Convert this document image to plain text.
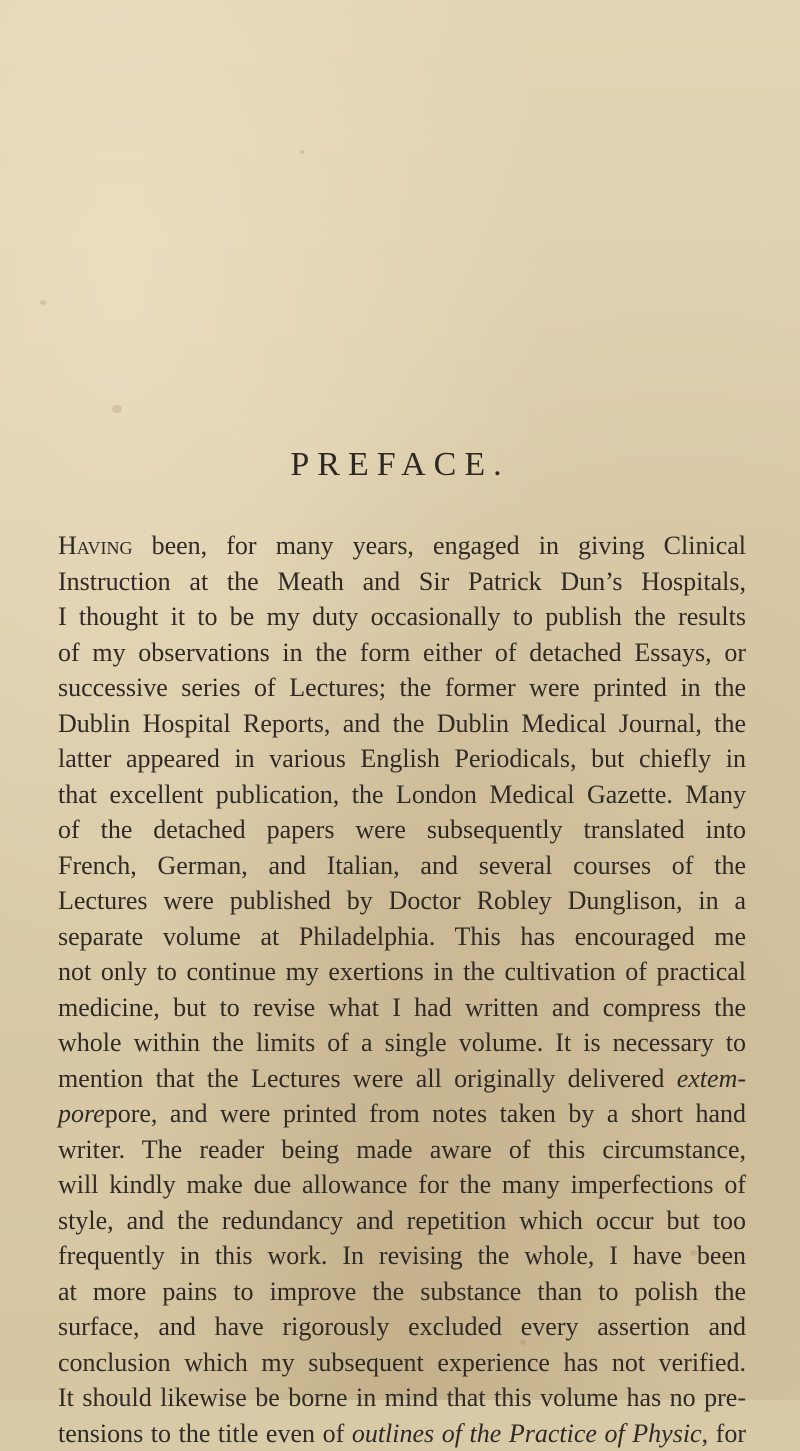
PREFACE.
Having been, for many years, engaged in giving Clinical
Instruction at the Meath and Sir Patrick Dun’s Hospitals,
I thought it to be my duty occasionally to publish the results
of my observations in the form either of detached Essays, or
successive series of Lectures; the former were printed in the
Dublin Hospital Reports, and the Dublin Medical Journal, the
latter appeared in various English Periodicals, but chiefly in
that excellent publication, the London Medical Gazette. Many
of the detached papers were subsequently translated into
French, German, and Italian, and several courses of the
Lectures were published by Doctor Robley Dunglison, in a
separate volume at Philadelphia. This has encouraged me
not only to continue my exertions in the cultivation of practical
medicine, but to revise what I had written and compress the
whole within the limits of a single volume. It is necessary to
mention that the Lectures were all originally delivered extem-
porepore, and were printed from notes taken by a short hand
writer. The reader being made aware of this circumstance,
will kindly make due allowance for the many imperfections of
style, and the redundancy and repetition which occur but too
frequently in this work. In revising the whole, I have been
at more pains to improve the substance than to polish the
surface, and have rigorously excluded every assertion and
conclusion which my subsequent experience has not verified.
It should likewise be borne in mind that this volume has no pre-
tensions to the title even of outlines of the Practice of Physic, for
